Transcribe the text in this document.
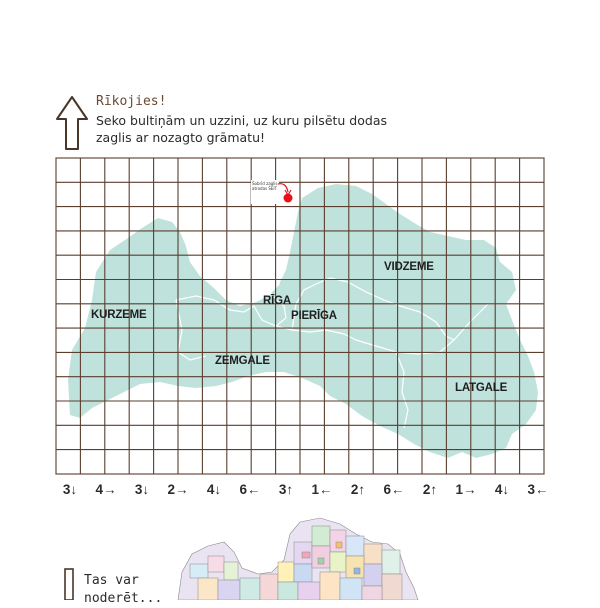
Rīkojies!
Seko bultiņām un uzzini, uz kuru pilsētu dodas
zaglis ar nozagto grāmatu!
Šobrīd zaglis atrodas ŠEIT
KURZEME
ZEMGALE
RĪGA
PIERĪGA
VIDZEME
LATGALE
3↓	4→	3↓	2→	4↓	6←	3↑	1←	2↑	6←	2↑	1→	4↓	3←
Tas var
noderēt...
